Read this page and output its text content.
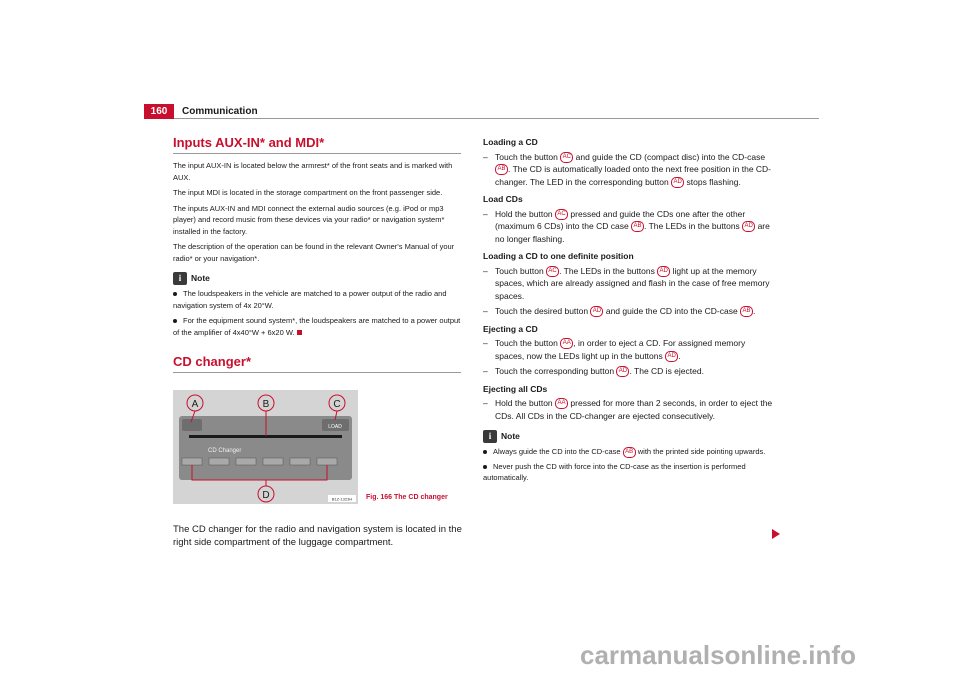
160	Communication
Inputs AUX-IN* and MDI*

The input AUX-IN is located below the armrest* of the front seats and is marked with AUX.

The input MDI is located in the storage compartment on the front passenger side.

The inputs AUX-IN and MDI connect the external audio sources (e.g. iPod or mp3 player) and record music from these devices via your radio* or navigation system* installed in the factory.

The description of the operation can be found in the relevant Owner's Manual of your radio* or your navigation*.

i Note

The loudspeakers in the vehicle are matched to a power output of the radio and navigation system of 4x 20°W.

For the equipment sound system*, the loudspeakers are matched to a power output of the amplifier of 4x40°W + 6x20 W.

CD changer*
LOAD
CD Changer
A	B	C
D	B1Z-1323H Fig. 166 The CD changer
The CD changer for the radio and navigation system is located in the right side compartment of the luggage compartment.
Loading a CD

– Touch the button AC and guide the CD (compact disc) into the CD-case AB . The CD is automatically loaded onto the next free position in the CD-changer. The LED in the corresponding button AD stops flashing.

Load CDs

– Hold the button AC pressed and guide the CDs one after the other (maximum 6 CDs) into the CD case AB . The LEDs in the buttons AD are no longer flashing.

Loading a CD to one definite position

– Touch button AC . The LEDs in the buttons AD light up at the memory spaces, which are already assigned and flash in the case of free memory spaces.

– Touch the desired button AD and guide the CD into the CD-case AB .

Ejecting a CD

– Touch the button AA , in order to eject a CD. For assigned memory spaces, now the LEDs light up in the buttons AD .

– Touch the corresponding button AD . The CD is ejected.

Ejecting all CDs

– Hold the button AA pressed for more than 2 seconds, in order to eject the CDs. All CDs in the CD-changer are ejected consecutively.

i Note

Always guide the CD into the CD-case AB with the printed side pointing upwards.

Never push the CD with force into the CD-case as the insertion is performed automatically.

carmanualsonline.info
